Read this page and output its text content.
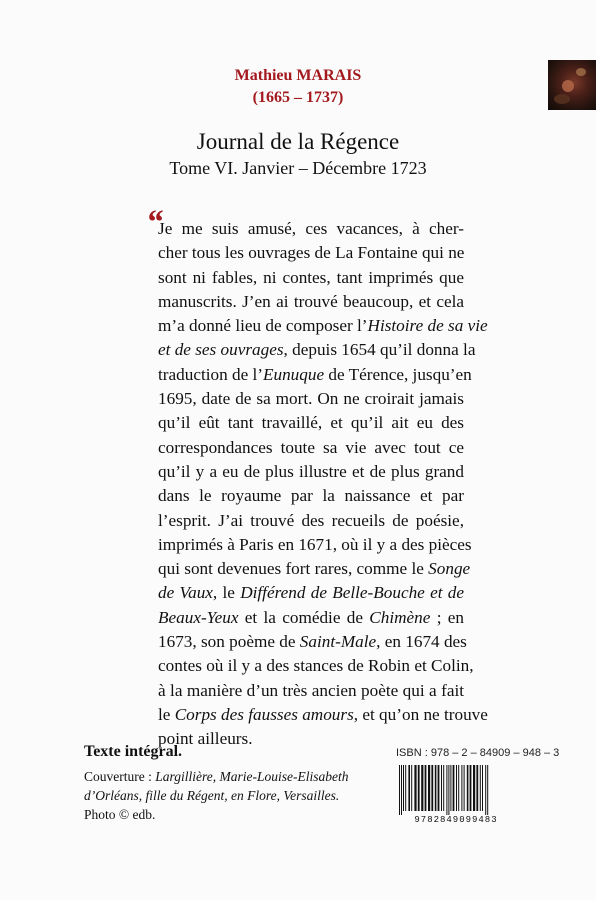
Mathieu MARAIS
(1665 – 1737)
Journal de la Régence
Tome VI. Janvier – Décembre 1723
“
Je me suis amusé, ces vacances, à cher-
cher tous les ouvrages de La Fontaine qui ne
sont ni fables, ni contes, tant imprimés que
manuscrits. J’en ai trouvé beaucoup, et cela
m’a donné lieu de composer l’Histoire de sa vie
et de ses ouvrages, depuis 1654 qu’il donna la
traduction de l’Eunuque de Térence, jusqu’en
1695, date de sa mort. On ne croirait jamais
qu’il eût tant travaillé, et qu’il ait eu des
correspondances toute sa vie avec tout ce
qu’il y a eu de plus illustre et de plus grand
dans le royaume par la naissance et par
l’esprit. J’ai trouvé des recueils de poésie,
imprimés à Paris en 1671, où il y a des pièces
qui sont devenues fort rares, comme le Songe
de Vaux, le Différend de Belle-Bouche et de
Beaux-Yeux et la comédie de Chimène ; en
1673, son poème de Saint-Male, en 1674 des
contes où il y a des stances de Robin et Colin,
à la manière d’un très ancien poète qui a fait
le Corps des fausses amours, et qu’on ne trouve
point ailleurs.
Texte intégral.
Couverture : Largillière, Marie-Louise-Elisabeth d’Orléans, fille du Régent, en Flore, Versailles.
Photo © edb.
ISBN : 978 – 2 – 84909 – 948 – 3
9782849099483
